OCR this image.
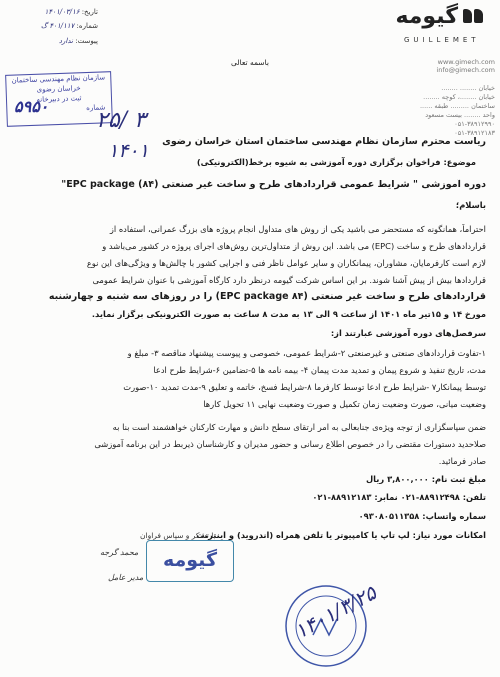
گیومه
GUILLEMET
www.gimech.com
info@gimech.com
خیابان ........ ........
خیابان ........، کوچه ........
ساختمان ......... طبقه ......
واحد ........ بیست مسعود
۰۵۱-۳۸۹۱۲۹۹۰
۰۵۱-۳۸۹۱۲۱۸۳
تاریخ: ۱۴۰۱/۰۳/۱۶
شماره: ۴۰۱/۱۱۷ گ
پیوست: ندارد
باسمه تعالی
سازمان نظام مهندسی ساختمان خراسان رضوی
ثبت در دبیرخانه
شماره
۵۹۵۰
۲۵/ ۳
۱۴۰۱	ریاست محترم سازمان نظام مهندسی ساختمان استان خراسان رضوی
موضوع: فراخوان برگزاری دوره آموزشی به شیوه برخط(الکترونیکی)
دوره آموزشی " شرایط عمومی قراردادهای طرح و ساخت غیر صنعتی (۸۴) EPC package"
باسلام؛
احتراماً، همانگونه که مستحضر می باشید یکی از روش های متداول انجام پروژه های بزرگ عمرانی، استفاده از
قراردادهای طرح و ساخت (EPC) می باشد. این روش از متداول‌ترین روش‌های اجرای پروژه در کشور می‌باشد و
لازم است کارفرمایان، مشاوران، پیمانکاران و سایر عوامل ناظر فنی و اجرایی کشور با چالش‌ها و ویژگی‌های این نوع
قراردادها بیش از پیش آشنا شوند. بر این اساس شرکت گیومه درنظر دارد کارگاه آموزشی با عنوان شرایط عمومی
قراردادهای طرح و ساخت غیر صنعتی (EPC package ۸۴) را در روزهای سه شنبه و چهارشنبه
مورخ ۱۴ و ۱۵تیر ماه ۱۴۰۱ از ساعت ۹ الی ۱۳ به مدت ۸ ساعت به صورت الکترونیکی برگزار نماید.
سرفصل‌های دوره آموزشی عبارتند از:
۱-تفاوت قراردادهای صنعتی و غیرصنعتی ۲-شرایط عمومی، خصوصی و پیوست پیشنهاد مناقصه ۳- مبلغ و
مدت، تاریخ تنفیذ و شروع پیمان و تمدید مدت پیمان ۴- بیمه نامه ها ۵-تضامین ۶-شرایط طرح ادعا
توسط پیمانکار۷ -شرایط طرح ادعا توسط کارفرما ۸-شرایط فسخ، خاتمه و تعلیق ۹-مدت تمدید ۱۰-صورت
وضعیت میانی، صورت وضعیت زمان تکمیل و صورت وضعیت نهایی ۱۱ تحویل کارها
ضمن سپاسگزاری از توجه ویژه‌ی جنابعالی به امر ارتقای سطح دانش و مهارت کارکنان خواهشمند است بنا به
صلاحدید دستورات مقتضی را در خصوص اطلاع رسانی و حضور مدیران و کارشناسان ذیربط در این برنامه آموزشی
صادر فرمائید.
مبلغ ثبت نام: ۳,۸۰۰,۰۰۰ ریال
تلفن: ۸۸۹۱۲۴۹۸-۰۲۱ نمابر: ۸۸۹۱۲۱۸۳-۰۲۱
سماره واتساپ: ۰۹۳۰۸۰۵۱۱۳۵۸
امکانات مورد نیاز: لپ تاپ یا کامپیوتر یا تلفن همراه (اندروید) و اینترنت
با تشکر و سپاس فراوان
گیومه
محمد گرجه
مدیر عامل
۱۴۰۱/۳/۲۵
